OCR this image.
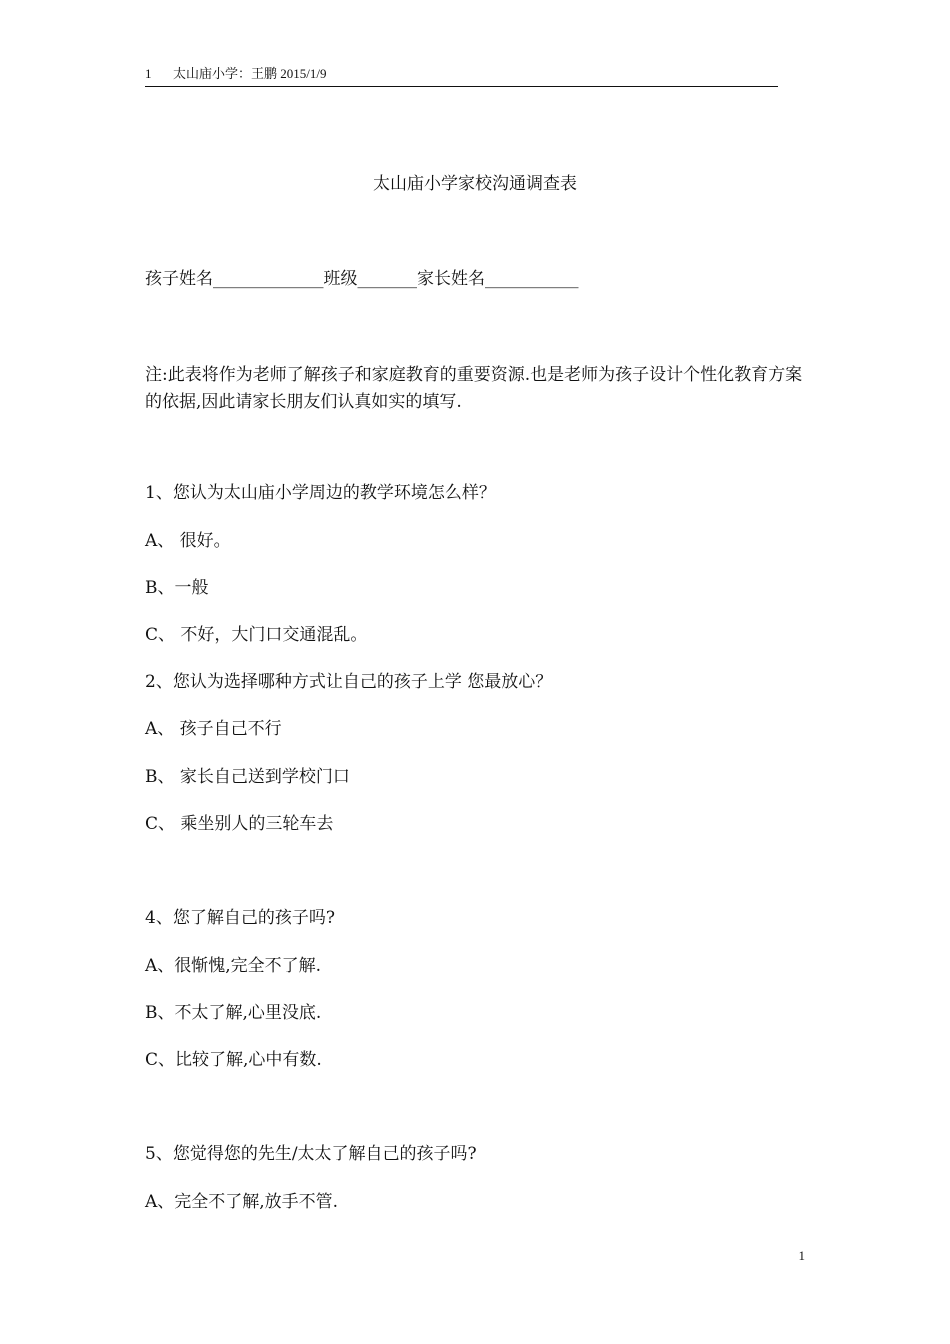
1 太山庙小学：王鹏 2015/1/9
太山庙小学家校沟通调查表
孩子姓名_____________班级_______家长姓名___________
注:此表将作为老师了解孩子和家庭教育的重要资源.也是老师为孩子设计个性化教育方案的依据,因此请家长朋友们认真如实的填写.
1、您认为太山庙小学周边的教学环境怎么样？
A、 很好。
B、一般
C、 不好，大门口交通混乱。
2、您认为选择哪种方式让自己的孩子上学 您最放心？
A、 孩子自己不行
B、 家长自己送到学校门口
C、 乘坐别人的三轮车去
4、您了解自己的孩子吗?
A、很惭愧,完全不了解.
B、不太了解,心里没底.
C、比较了解,心中有数.
5、您觉得您的先生/太太了解自己的孩子吗?
A、完全不了解,放手不管.
1
